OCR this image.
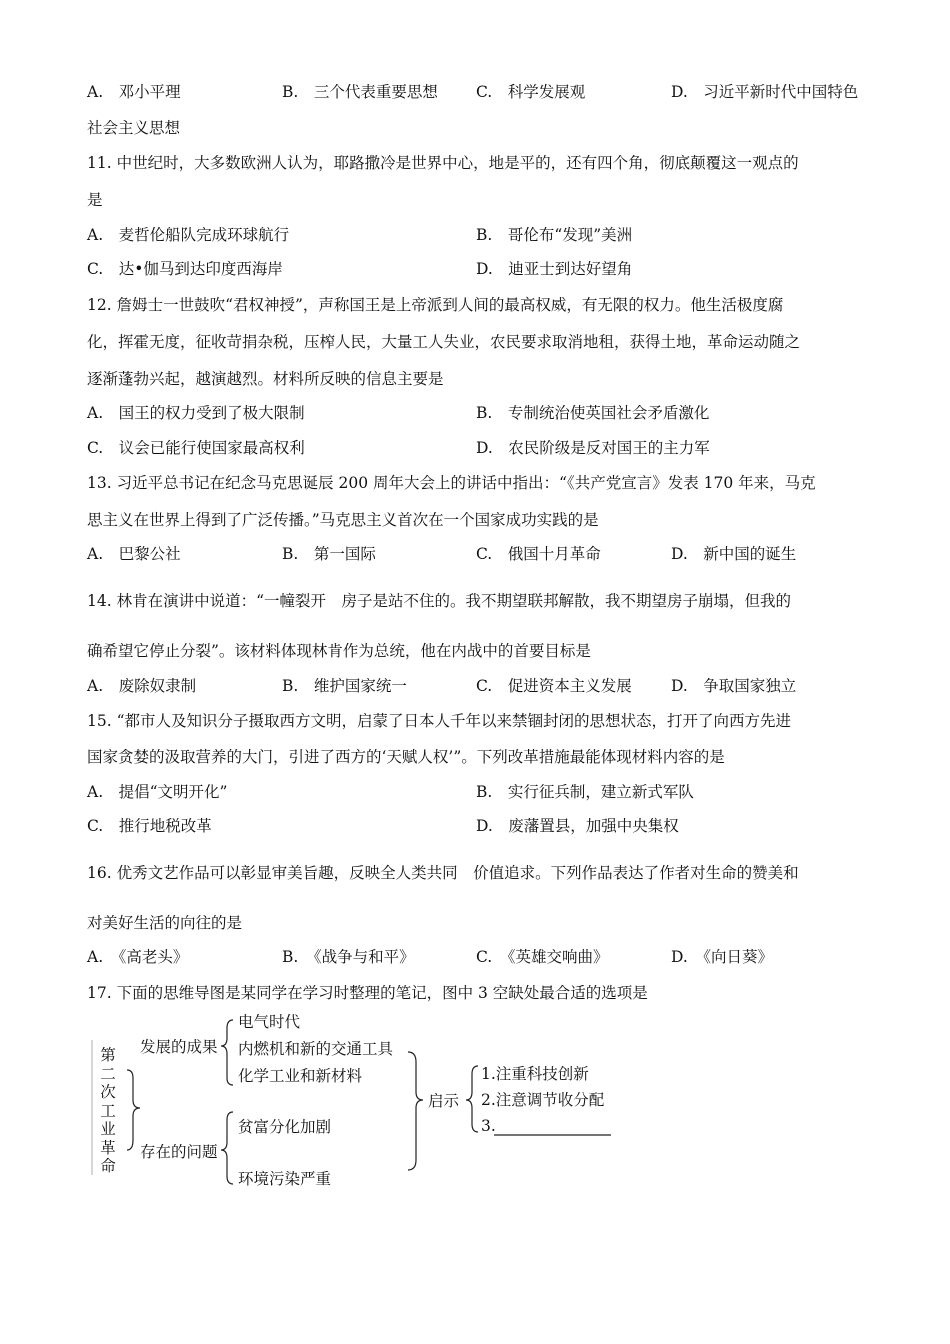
A.　邓小平理	B.　三个代表重要思想 C.　科学发展观	D.　习近平新时代中国特色
社会主义思想
11. 中世纪时，大多数欧洲人认为，耶路撒冷是世界中心，地是平的，还有四个角，彻底颠覆这一观点的
是
A.　麦哲伦船队完成环球航行	B.　哥伦布“发现”美洲
C.　达•伽马到达印度西海岸	D.　迪亚士到达好望角
12. 詹姆士一世鼓吹“君权神授”，声称国王是上帝派到人间的最高权威，有无限的权力。他生活极度腐
化，挥霍无度，征收苛捐杂税，压榨人民，大量工人失业，农民要求取消地租，获得土地，革命运动随之
逐渐蓬勃兴起，越演越烈。材料所反映的信息主要是
A.　国王的权力受到了极大限制	B.　专制统治使英国社会矛盾激化
C.　议会已能行使国家最高权利	D.　农民阶级是反对国王的主力军
13. 习近平总书记在纪念马克思诞辰 200 周年大会上的讲话中指出：“《共产党宣言》发表 170 年来，马克
思主义在世界上得到了广泛传播。”马克思主义首次在一个国家成功实践的是
A.　巴黎公社	B.　第一国际	C.　俄国十月革命	D.　新中国的诞生
14. 林肯在演讲中说道：“一幢裂开　房子是站不住的。我不期望联邦解散，我不期望房子崩塌，但我的
确希望它停止分裂”。该材料体现林肯作为总统，他在内战中的首要目标是
A.　废除奴隶制	B.　维护国家统一	C.　促进资本主义发展	D.　争取国家独立
15. “都市人及知识分子摄取西方文明，启蒙了日本人千年以来禁锢封闭的思想状态，打开了向西方先进
国家贪婪的汲取营养的大门，引进了西方的‘天赋人权’”。下列改革措施最能体现材料内容的是
A.　提倡“文明开化”	B.　实行征兵制，建立新式军队
C.　推行地税改革	D.　废藩置县，加强中央集权
16. 优秀文艺作品可以彰显审美旨趣，反映全人类共同　价值追求。下列作品表达了作者对生命的赞美和
对美好生活的向往的是
A.　《高老头》	B.　《战争与和平》	C.　《英雄交响曲》	D.　《向日葵》
17. 下面的思维导图是某同学在学习时整理的笔记，图中 3 空缺处最合适的选项是
第
二
次
工
业
革
命
发展的成果
电气时代
内燃机和新的交通工具
化学工业和新材料
存在的问题
贫富分化加剧
环境污染严重
启示
1.注重科技创新
2.注意调节收分配
3.
